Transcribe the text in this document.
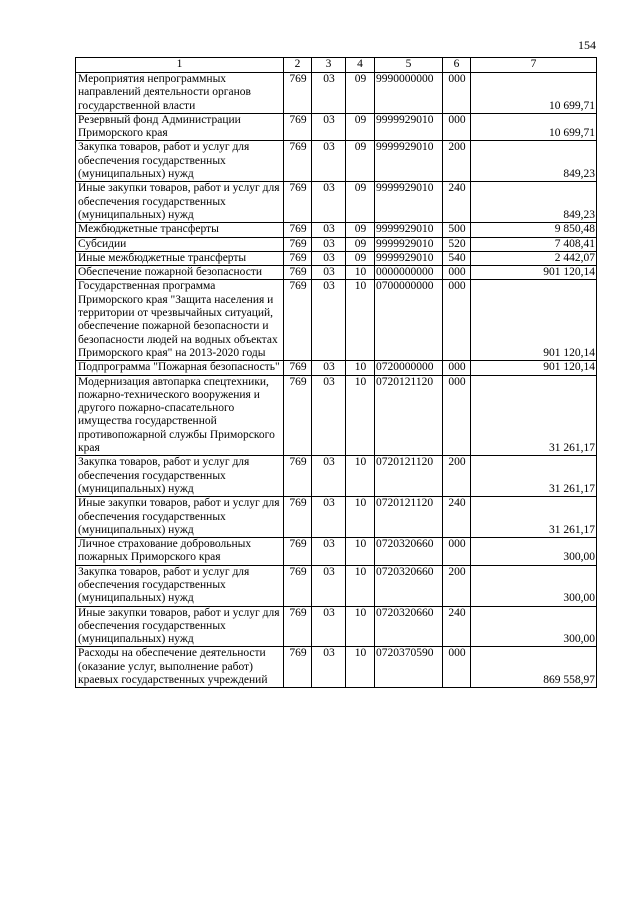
154
1	2	3	4	5	6	7
Мероприятия непрограммных направлений деятельности органов государственной власти	769	03	09	9990000000	000	10 699,71
Резервный фонд Администрации Приморского края	769	03	09	9999929010	000	10 699,71
Закупка товаров, работ и услуг для обеспечения государственных (муниципальных) нужд	769	03	09	9999929010	200	849,23
Иные закупки товаров, работ и услуг для обеспечения государственных (муниципальных) нужд	769	03	09	9999929010	240	849,23
Межбюджетные трансферты	769	03	09	9999929010	500	9 850,48
Субсидии	769	03	09	9999929010	520	7 408,41
Иные межбюджетные трансферты	769	03	09	9999929010	540	2 442,07
Обеспечение пожарной безопасности	769	03	10	0000000000	000	901 120,14
Государственная программа Приморского края "Защита населения и территории от чрезвычайных ситуаций, обеспечение пожарной безопасности и безопасности людей на водных объектах Приморского края" на 2013-2020 годы	769	03	10	0700000000	000	901 120,14
Подпрограмма "Пожарная безопасность"	769	03	10	0720000000	000	901 120,14
Модернизация автопарка спецтехники, пожарно-технического вооружения и другого пожарно-спасательного имущества государственной противопожарной службы Приморского края	769	03	10	0720121120	000	31 261,17
Закупка товаров, работ и услуг для обеспечения государственных (муниципальных) нужд	769	03	10	0720121120	200	31 261,17
Иные закупки товаров, работ и услуг для обеспечения государственных (муниципальных) нужд	769	03	10	0720121120	240	31 261,17
Личное страхование добровольных пожарных Приморского края	769	03	10	0720320660	000	300,00
Закупка товаров, работ и услуг для обеспечения государственных (муниципальных) нужд	769	03	10	0720320660	200	300,00
Иные закупки товаров, работ и услуг для обеспечения государственных (муниципальных) нужд	769	03	10	0720320660	240	300,00
Расходы на обеспечение деятельности (оказание услуг, выполнение работ) краевых государственных учреждений	769	03	10	0720370590	000	869 558,97
